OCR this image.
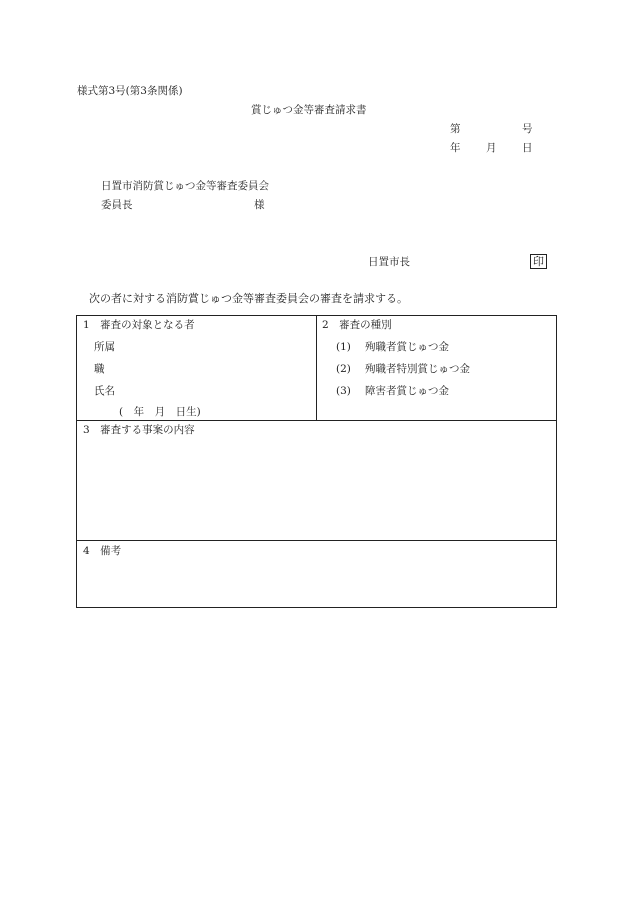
様式第3号(第3条関係)
賞じゅつ金等審査請求書
第	号
年 月 日
日置市消防賞じゅつ金等審査委員会
委員長	様
日置市長	印
次の者に対する消防賞じゅつ金等審査委員会の審査を請求する。
1　審査の対象となる者
所属
職
氏名
(　年　月　日生)
2　審査の種別
(1) 殉職者賞じゅつ金
(2) 殉職者特別賞じゅつ金
(3) 障害者賞じゅつ金
3　審査する事案の内容
4　備考
